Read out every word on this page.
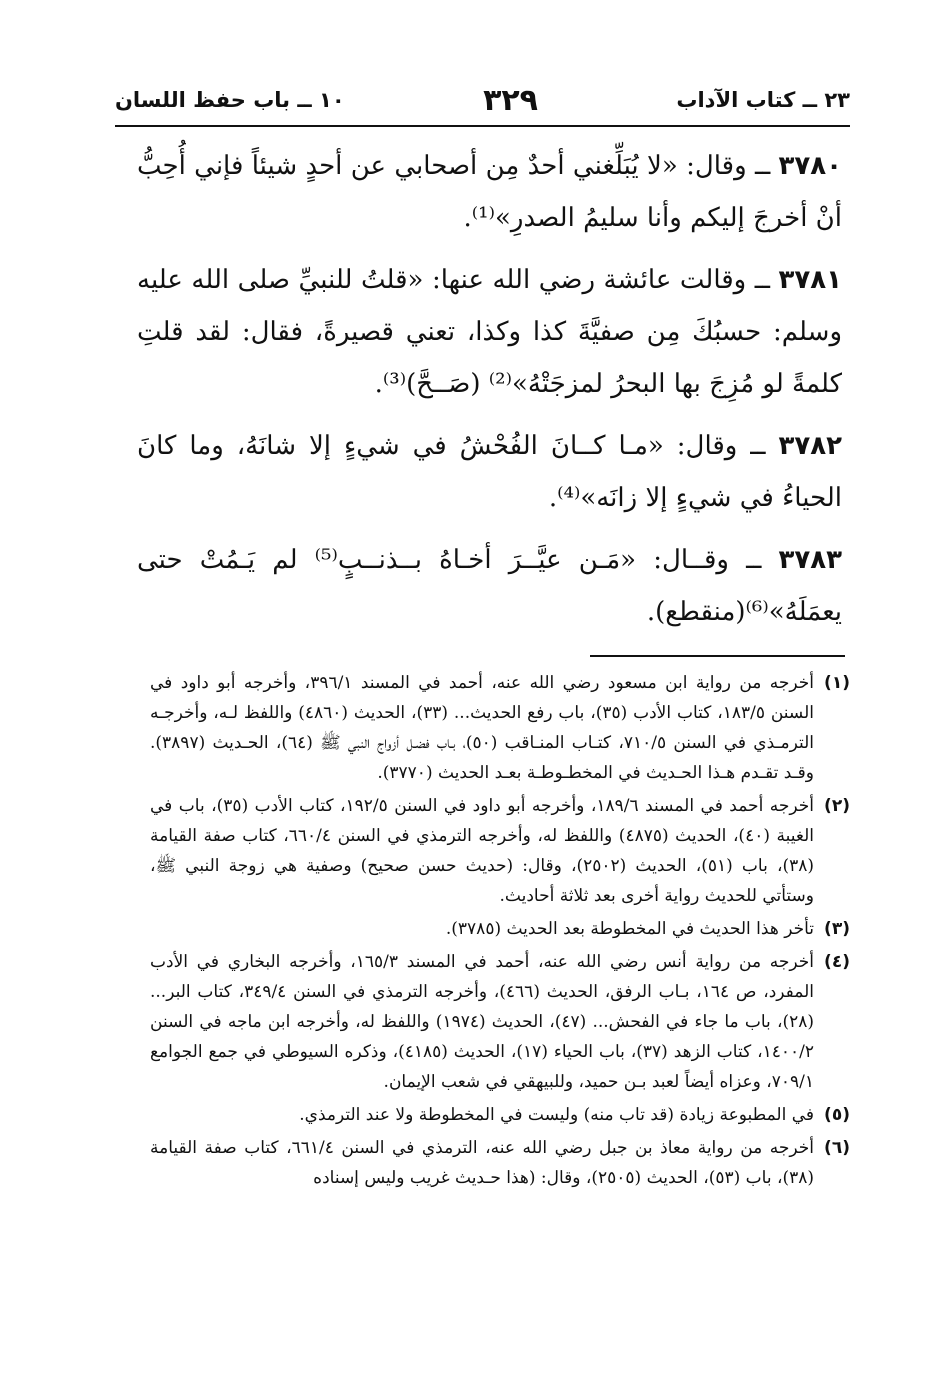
٢٣ ــ كتاب الآداب
٣٢٩
١٠ ــ باب حفظ اللسان

٣٧٨٠ ــ وقال: «لا يُبَلِّغني أحدٌ مِن أصحابي عن أحدٍ شيئاً فإني أُحِبُّ أنْ أخرجَ إليكم وأنا سليمُ الصدرِ»⁽¹⁾.

٣٧٨١ ــ وقالت عائشة رضي الله عنها: «قلتُ للنبيِّ صلى الله عليه وسلم: حسبُكَ مِن صفيَّةَ كذا وكذا، تعني قصيرةً، فقال: لقد قلتِ كلمةً لو مُزِجَ بها البحرُ لمزجَتْهُ»⁽²⁾ (صَــحَّ)⁽³⁾.

٣٧٨٢ ــ وقال: «مـا كــانَ الفُحْشُ في شيءٍ إلا شانَهُ، وما كانَ الحياءُ في شيءٍ إلا زانَه»⁽⁴⁾.

٣٧٨٣ ــ وقــال: «مَـن عيَّــرَ أخـاهُ بــذنــبٍ⁽⁵⁾ لم يَـمُتْ حتى يعمَلَهُ»⁽⁶⁾(منقطع).

(١)
أخرجه من رواية ابن مسعود رضي الله عنه، أحمد في المسند ٣٩٦/١، وأخرجه أبو داود في السنن ١٨٣/٥، كتاب الأدب (٣٥)، باب رفع الحديث... (٣٣)، الحديث (٤٨٦٠) واللفظ لـه، وأخرجـه الترمـذي في السنن ٧١٠/٥، كتـاب المنـاقب (٥٠)، بـاب فضـل أزواج النبي ﷺ (٦٤)، الحـديث (٣٨٩٧). وقـد تقـدم هـذا الحـديث في المخطـوطـة بعـد الحديث (٣٧٧٠).
(٢)
أخرجه أحمد في المسند ١٨٩/٦، وأخرجه أبو داود في السنن ١٩٢/٥، كتاب الأدب (٣٥)، باب في الغيبة (٤٠)، الحديث (٤٨٧٥) واللفظ له، وأخرجه الترمذي في السنن ٦٦٠/٤، كتاب صفة القيامة (٣٨)، باب (٥١)، الحديث (٢٥٠٢)، وقال: (حديث حسن صحيح) وصفية هي زوجة النبي ﷺ، وستأتي للحديث رواية أخرى بعد ثلاثة أحاديث.
(٣)
تأخر هذا الحديث في المخطوطة بعد الحديث (٣٧٨٥).
(٤)
أخرجه من رواية أنس رضي الله عنه، أحمد في المسند ١٦٥/٣، وأخرجه البخاري في الأدب المفرد، ص ١٦٤، بـاب الرفق، الحديث (٤٦٦)، وأخرجه الترمذي في السنن ٣٤٩/٤، كتاب البر... (٢٨)، باب ما جاء في الفحش... (٤٧)، الحديث (١٩٧٤) واللفظ له، وأخرجه ابن ماجه في السنن ١٤٠٠/٢، كتاب الزهد (٣٧)، باب الحياء (١٧)، الحديث (٤١٨٥)، وذكره السيوطي في جمع الجوامع ٧٠٩/١، وعزاه أيضاً لعبد بـن حميد، وللبيهقي في شعب الإيمان.
(٥)
في المطبوعة زيادة (قد تاب منه) وليست في المخطوطة ولا عند الترمذي.
(٦)
أخرجه من رواية معاذ بن جبل رضي الله عنه، الترمذي في السنن ٦٦١/٤، كتاب صفة القيامة (٣٨)، باب (٥٣)، الحديث (٢٥٠٥)، وقال: (هذا حـديث غريب وليس إسناده
